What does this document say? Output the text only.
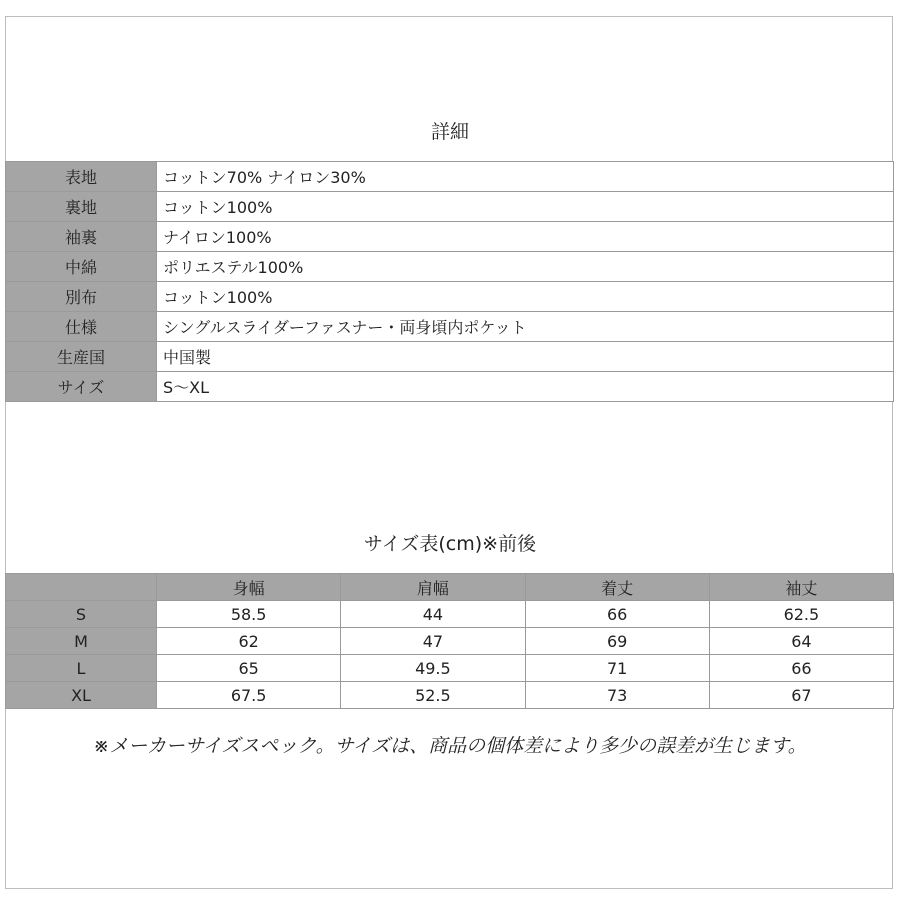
詳細
表地	コットン70% ナイロン30%
裏地	コットン100%
袖裏	ナイロン100%
中綿	ポリエステル100%
別布	コットン100%
仕様	シングルスライダーファスナー・両身頃内ポケット
生産国	中国製
サイズ	S〜XL
サイズ表(cm)※前後
	身幅	肩幅	着丈	袖丈
S	58.5	44	66	62.5
M	62	47	69	64
L	65	49.5	71	66
XL	67.5	52.5	73	67
※メーカーサイズスペック。サイズは、商品の個体差により多少の誤差が生じます。
